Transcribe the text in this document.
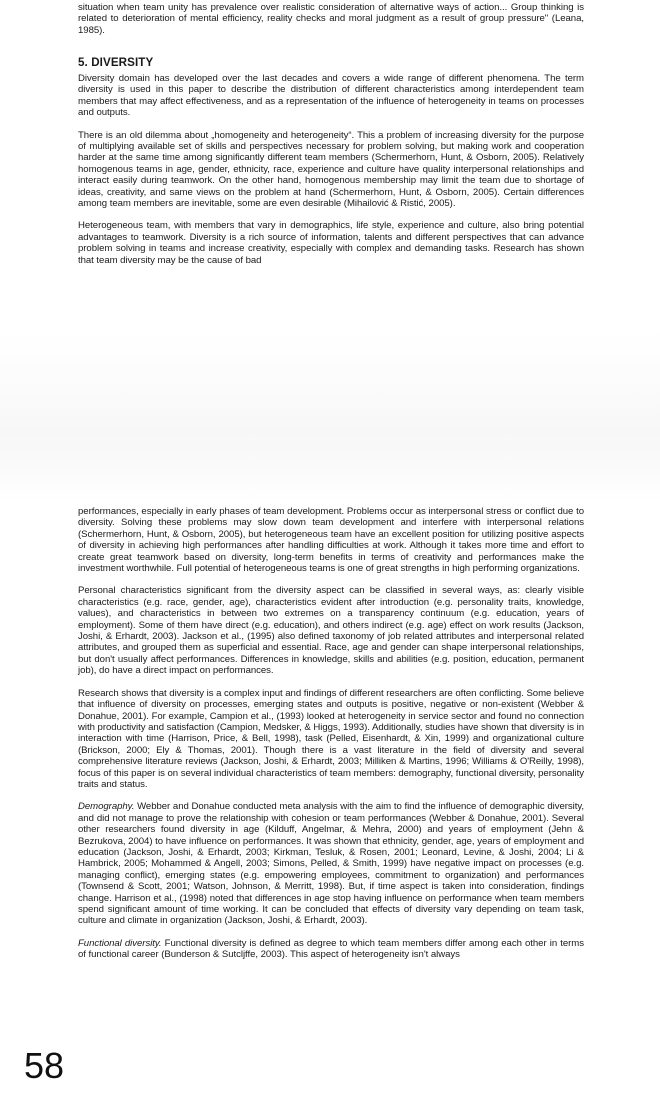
situation when team unity has prevalence over realistic consideration of alternative ways of action... Group thinking is related to deterioration of mental efficiency, reality checks and moral judgment as a result of group pressure" (Leana, 1985).

5. DIVERSITY

Diversity domain has developed over the last decades and covers a wide range of different phenomena. The term diversity is used in this paper to describe the distribution of different characteristics among interdependent team members that may affect effectiveness, and as a representation of the influence of heterogeneity in teams on processes and outputs.

There is an old dilemma about „homogeneity and heterogeneity“. This a problem of increasing diversity for the purpose of multiplying available set of skills and perspectives necessary for problem solving, but making work and cooperation harder at the same time among significantly different team members (Schermerhorn, Hunt, & Osborn, 2005). Relatively homogenous teams in age, gender, ethnicity, race, experience and culture have quality interpersonal relationships and interact easily during teamwork. On the other hand, homogenous membership may limit the team due to shortage of ideas, creativity, and same views on the problem at hand (Schermerhorn, Hunt, & Osborn, 2005). Certain differences among team members are inevitable, some are even desirable (Mihailović & Ristić, 2005).

Heterogeneous team, with members that vary in demographics, life style, experience and culture, also bring potential advantages to teamwork. Diversity is a rich source of information, talents and different perspectives that can advance problem solving in teams and increase creativity, especially with complex and demanding tasks. Research has shown that team diversity may be the cause of bad

performances, especially in early phases of team development. Problems occur as interpersonal stress or conflict due to diversity. Solving these problems may slow down team development and interfere with interpersonal relations (Schermerhorn, Hunt, & Osborn, 2005), but heterogeneous team have an excellent position for utilizing positive aspects of diversity in achieving high performances after handling difficulties at work. Although it takes more time and effort to create great teamwork based on diversity, long-term benefits in terms of creativity and performances make the investment worthwhile. Full potential of heterogeneous teams is one of great strengths in high performing organizations.

Personal characteristics significant from the diversity aspect can be classified in several ways, as: clearly visible characteristics (e.g. race, gender, age), characteristics evident after introduction (e.g. personality traits, knowledge, values), and characteristics in between two extremes on a transparency continuum (e.g. education, years of employment). Some of them have direct (e.g. education), and others indirect (e.g. age) effect on work results (Jackson, Joshi, & Erhardt, 2003). Jackson et al., (1995) also defined taxonomy of job related attributes and interpersonal related attributes, and grouped them as superficial and essential. Race, age and gender can shape interpersonal relationships, but don't usually affect performances. Differences in knowledge, skills and abilities (e.g. position, education, permanent job), do have a direct impact on performances.

Research shows that diversity is a complex input and findings of different researchers are often conflicting. Some believe that influence of diversity on processes, emerging states and outputs is positive, negative or non-existent (Webber & Donahue, 2001). For example, Campion et al., (1993) looked at heterogeneity in service sector and found no connection with productivity and satisfaction (Campion, Medsker, & Higgs, 1993). Additionally, studies have shown that diversity is in interaction with time (Harrison, Price, & Bell, 1998), task (Pelled, Eisenhardt, & Xin, 1999) and organizational culture (Brickson, 2000; Ely & Thomas, 2001). Though there is a vast literature in the field of diversity and several comprehensive literature reviews (Jackson, Joshi, & Erhardt, 2003; Milliken & Martins, 1996; Williams & O'Reilly, 1998), focus of this paper is on several individual characteristics of team members: demography, functional diversity, personality traits and status.

Demography. Webber and Donahue conducted meta analysis with the aim to find the influence of demographic diversity, and did not manage to prove the relationship with cohesion or team performances (Webber & Donahue, 2001). Several other researchers found diversity in age (Kilduff, Angelmar, & Mehra, 2000) and years of employment (Jehn & Bezrukova, 2004) to have influence on performances. It was shown that ethnicity, gender, age, years of employment and education (Jackson, Joshi, & Erhardt, 2003; Kirkman, Tesluk, & Rosen, 2001; Leonard, Levine, & Joshi, 2004; Li & Hambrick, 2005; Mohammed & Angell, 2003; Simons, Pelled, & Smith, 1999) have negative impact on processes (e.g. managing conflict), emerging states (e.g. empowering employees, commitment to organization) and performances (Townsend & Scott, 2001; Watson, Johnson, & Merritt, 1998). But, if time aspect is taken into consideration, findings change. Harrison et al., (1998) noted that differences in age stop having influence on performance when team members spend significant amount of time working. It can be concluded that effects of diversity vary depending on team task, culture and climate in organization (Jackson, Joshi, & Erhardt, 2003).

Functional diversity. Functional diversity is defined as degree to which team members differ among each other in terms of functional career (Bunderson & Sutcljffe, 2003). This aspect of heterogeneity isn't always

58
